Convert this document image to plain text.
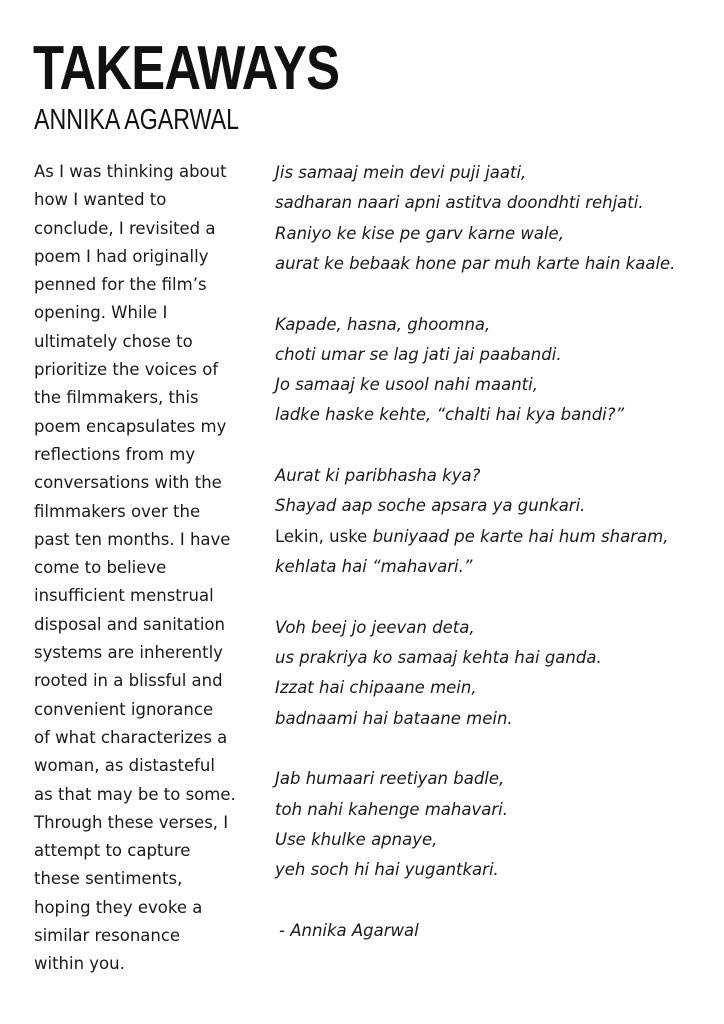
TAKEAWAYS
ANNIKA AGARWAL
As I was thinking about
how I wanted to
conclude, I revisited a
poem I had originally
penned for the film’s
opening. While I
ultimately chose to
prioritize the voices of
the filmmakers, this
poem encapsulates my
reflections from my
conversations with the
filmmakers over the
past ten months. I have
come to believe
insufficient menstrual
disposal and sanitation
systems are inherently
rooted in a blissful and
convenient ignorance
of what characterizes a
woman, as distasteful
as that may be to some.
Through these verses, I
attempt to capture
these sentiments,
hoping they evoke a
similar resonance
within you.
Jis samaaj mein devi puji jaati,
sadharan naari apni astitva doondhti rehjati.
Raniyo ke kise pe garv karne wale,
aurat ke bebaak hone par muh karte hain kaale.
Kapade, hasna, ghoomna,
choti umar se lag jati jai paabandi.
Jo samaaj ke usool nahi maanti,
ladke haske kehte, “chalti hai kya bandi?”
Aurat ki paribhasha kya?
Shayad aap soche apsara ya gunkari.
Lekin, uske buniyaad pe karte hai hum sharam,
kehlata hai “mahavari.”
Voh beej jo jeevan deta,
us prakriya ko samaaj kehta hai ganda.
Izzat hai chipaane mein,
badnaami hai bataane mein.
Jab humaari reetiyan badle,
toh nahi kahenge mahavari.
Use khulke apnaye,
yeh soch hi hai yugantkari.
- Annika Agarwal
